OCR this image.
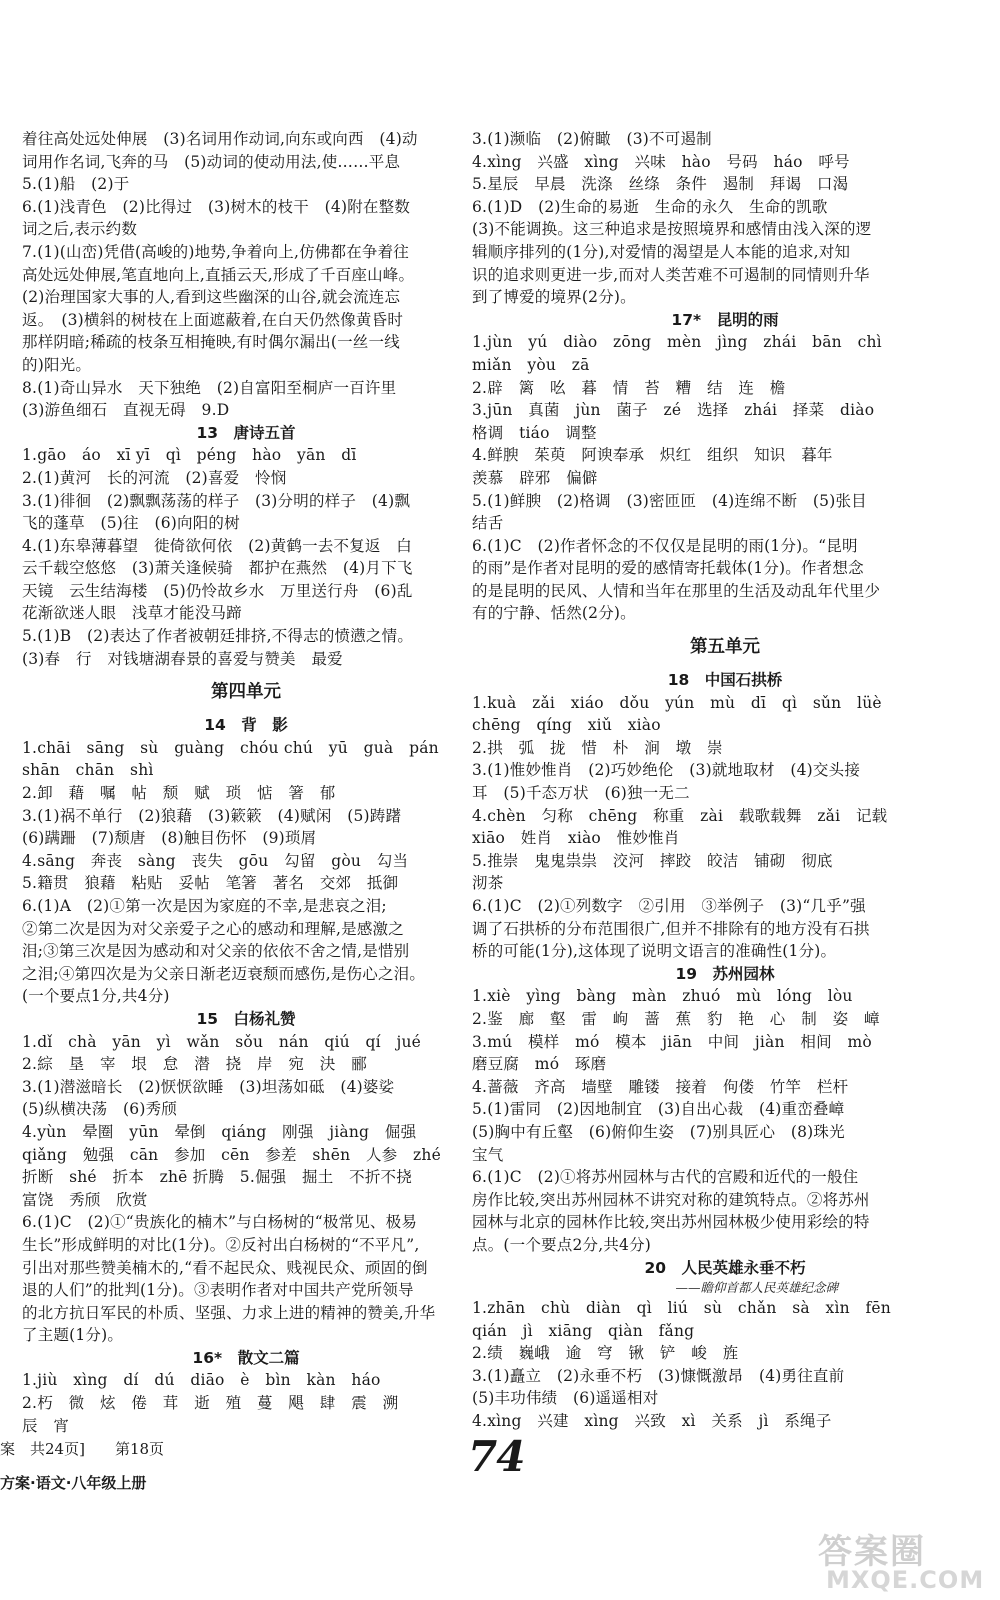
着往高处远处伸展　(3)名词用作动词,向东或向西　(4)动
词用作名词,飞奔的马　(5)动词的使动用法,使……平息
5.(1)船　(2)于
6.(1)浅青色　(2)比得过　(3)树木的枝干　(4)附在整数
词之后,表示约数
7.(1)(山峦)凭借(高峻的)地势,争着向上,仿佛都在争着往
高处远处伸展,笔直地向上,直插云天,形成了千百座山峰。
(2)治理国家大事的人,看到这些幽深的山谷,就会流连忘
返。　(3)横斜的树枝在上面遮蔽着,在白天仍然像黄昏时
那样阴暗;稀疏的枝条互相掩映,有时偶尔漏出(一丝一线
的)阳光。
8.(1)奇山异水　天下独绝　(2)自富阳至桐庐一百许里
(3)游鱼细石　直视无碍　9.D
13　唐诗五首
1.gāo　áo　xī yī　qì　péng　hào　yān　dī
2.(1)黄河　长的河流　(2)喜爱　怜悯
3.(1)徘徊　(2)飘飘荡荡的样子　(3)分明的样子　(4)飘
飞的蓬草　(5)往　(6)向阳的树
4.(1)东皋薄暮望　徙倚欲何依　(2)黄鹤一去不复返　白
云千载空悠悠　(3)萧关逢候骑　都护在燕然　(4)月下飞
天镜　云生结海楼　(5)仍怜故乡水　万里送行舟　(6)乱
花渐欲迷人眼　浅草才能没马蹄
5.(1)B　(2)表达了作者被朝廷排挤,不得志的愤懑之情。
(3)春　行　对钱塘湖春景的喜爱与赞美　最爱
第四单元
14　背　影
1.chāi　sāng　sù　guàng　chóu chú　yū　guà　pán
shān　chān　shì
2.卸　藉　嘱　帖　颓　赋　琐　惦　箸　郁
3.(1)祸不单行　(2)狼藉　(3)簌簌　(4)赋闲　(5)踌躇
(6)蹒跚　(7)颓唐　(8)触目伤怀　(9)琐屑
4.sāng　奔丧　sàng　丧失　gōu　勾留　gòu　勾当
5.籍贯　狼藉　粘贴　妥帖　笔箸　著名　交郊　抵御
6.(1)A　(2)①第一次是因为家庭的不幸,是悲哀之泪;
②第二次是因为对父亲爱子之心的感动和理解,是感激之
泪;③第三次是因为感动和对父亲的依依不舍之情,是惜别
之泪;④第四次是为父亲日渐老迈衰颓而感伤,是伤心之泪。
(一个要点1分,共4分)
15　白杨礼赞
1.dǐ　chà　yān　yì　wǎn　sǒu　nán　qiú　qí　jué
2.綜　垦　宰　垠　怠　潜　挠　岸　宛　決　郦
3.(1)潜滋暗长　(2)恹恹欲睡　(3)坦荡如砥　(4)婆娑
(5)纵横决荡　(6)秀颀
4.yùn　晕圈　yūn　晕倒　qiáng　刚强　jiàng　倔强
qiǎng　勉强　cān　参加　cēn　参差　shēn　人参　zhé
折断　shé　折本　zhē 折腾　5.倔强　掘土　不折不挠
富饶　秀颀　欣赏
6.(1)C　(2)①“贵族化的楠木”与白杨树的“极常见、极易
生长”形成鲜明的对比(1分)。②反衬出白杨树的“不平凡”,
引出对那些赞美楠木的,“看不起民众、贱视民众、顽固的倒
退的人们”的批判(1分)。③表明作者对中国共产党所领导
的北方抗日军民的朴质、坚强、力求上进的精神的赞美,升华
了主题(1分)。
16*　散文二篇
1.jiù　xìng　dí　dú　diāo　è　bìn　kàn　háo
2.朽　微　炫　倦　茸　逝　殖　蔓　飓　肆　震　溯
辰　宵
3.(1)濒临　(2)俯瞰　(3)不可遏制
4.xìng　兴盛　xìng　兴味　hào　号码　háo　呼号
5.星辰　早晨　洗涤　丝绦　条件　遏制　拜谒　口渴
6.(1)D　(2)生命的易逝　生命的永久　生命的凯歌
(3)不能调换。这三种追求是按照境界和感情由浅入深的逻
辑顺序排列的(1分),对爱情的渴望是人本能的追求,对知
识的追求则更进一步,而对人类苦难不可遏制的同情则升华
到了博爱的境界(2分)。
17*　昆明的雨
1.jùn　yú　diào　zōng　mèn　jìng　zhái　bān　chì
miǎn　yòu　zā
2.辟　篱　吆　暮　情　苔　糟　结　连　檐
3.jūn　真菌　jùn　菌子　zé　选择　zhái　择菜　diào
格调　tiáo　调整
4.鲜腴　茱萸　阿谀奉承　炽红　组织　知识　暮年
羡慕　辟邪　偏僻
5.(1)鲜腴　(2)格调　(3)密匝匝　(4)连绵不断　(5)张目
结舌
6.(1)C　(2)作者怀念的不仅仅是昆明的雨(1分)。“昆明
的雨”是作者对昆明的爱的感情寄托载体(1分)。作者想念
的是昆明的民风、人情和当年在那里的生活及动乱年代里少
有的宁静、恬然(2分)。
第五单元
18　中国石拱桥
1.kuà　zǎi　xiáo　dǒu　yún　mù　dī　qì　sǔn　lüè
chēng　qíng　xiǔ　xiào
2.拱　弧　拢　惜　朴　涧　墩　崇
3.(1)惟妙惟肖　(2)巧妙绝伦　(3)就地取材　(4)交头接
耳　(5)千态万状　(6)独一无二
4.chèn　匀称　chēng　称重　zài　载歌载舞　zǎi　记载
xiāo　姓肖　xiào　惟妙惟肖
5.推崇　鬼鬼祟祟　洨河　摔跤　皎洁　铺砌　彻底
沏茶
6.(1)C　(2)①列数字　②引用　③举例子　(3)“几乎”强
调了石拱桥的分布范围很广,但并不排除有的地方没有石拱
桥的可能(1分),这体现了说明文语言的准确性(1分)。
19　苏州园林
1.xiè　yìng　bàng　màn　zhuó　mù　lóng　lòu
2.鉴　廊　壑　雷　岣　蔷　蕉　豹　艳　心　制　姿　嶂
3.mú　模样　mó　模本　jiān　中间　jiàn　相间　mò
磨豆腐　mó　琢磨
4.蔷薇　齐高　墙壁　雕镂　接着　佝偻　竹竿　栏杆
5.(1)雷同　(2)因地制宜　(3)自出心裁　(4)重峦叠嶂
(5)胸中有丘壑　(6)俯仰生姿　(7)别具匠心　(8)珠光
宝气
6.(1)C　(2)①将苏州园林与古代的宫殿和近代的一般住
房作比较,突出苏州园林不讲究对称的建筑特点。②将苏州
园林与北京的园林作比较,突出苏州园林极少使用彩绘的特
点。(一个要点2分,共4分)
20　人民英雄永垂不朽
——瞻仰首都人民英雄纪念碑
1.zhān　chù　diàn　qì　liú　sù　chǎn　sà　xìn　fēn
qián　jì　xiāng　qiàn　fǎng
2.绩　巍峨　逾　穹　锹　铲　峻　旌
3.(1)矗立　(2)永垂不朽　(3)慷慨激昂　(4)勇往直前
(5)丰功伟绩　(6)遥遥相对
4.xìng　兴建　xìng　兴致　xì　关系　jì　系绳子
案　共24页]　　第18页
方案·语文·八年级上册
74
答案圈
MXQE.COM
